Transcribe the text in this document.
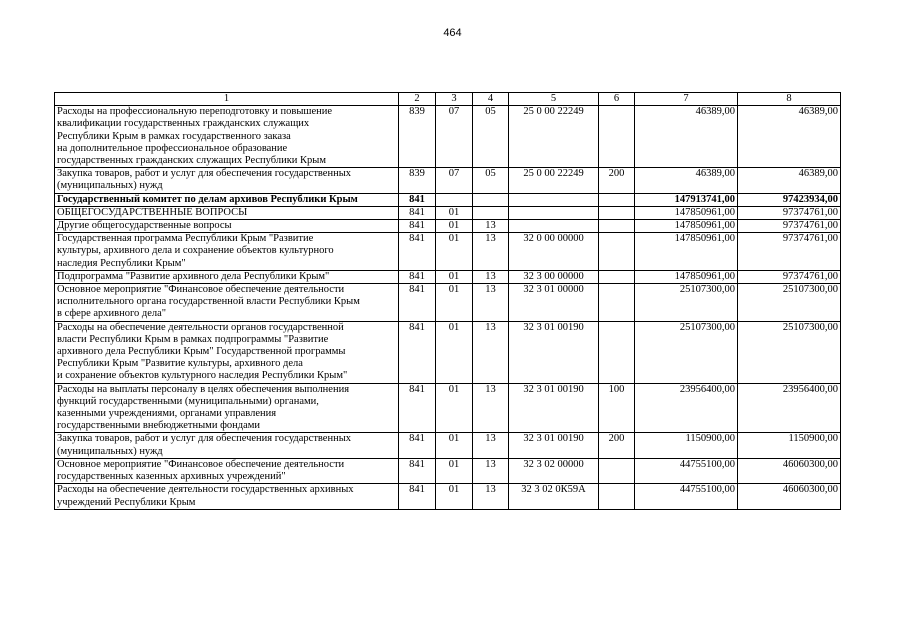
464
1	2	3	4	5	6	7	8
Расходы на профессиональную переподготовку и повышение
квалификации государственных гражданских служащих
Республики Крым в рамках государственного заказа
на дополнительное профессиональное образование
государственных гражданских служащих Республики Крым	839	07	05	25 0 00 22249		46389,00	46389,00
Закупка товаров, работ и услуг для обеспечения государственных
(муниципальных) нужд	839	07	05	25 0 00 22249	200	46389,00	46389,00
Государственный комитет по делам архивов Республики Крым	841					147913741,00	97423934,00
ОБЩЕГОСУДАРСТВЕННЫЕ ВОПРОСЫ	841	01				147850961,00	97374761,00
Другие общегосударственные вопросы	841	01	13			147850961,00	97374761,00
Государственная программа Республики Крым "Развитие
культуры, архивного дела и сохранение объектов культурного
наследия Республики Крым"	841	01	13	32 0 00 00000		147850961,00	97374761,00
Подпрограмма "Развитие архивного дела Республики Крым"	841	01	13	32 3 00 00000		147850961,00	97374761,00
Основное мероприятие "Финансовое обеспечение деятельности
исполнительного органа государственной власти Республики Крым
в сфере архивного дела"	841	01	13	32 3 01 00000		25107300,00	25107300,00
Расходы на обеспечение деятельности органов государственной
власти Республики Крым в рамках подпрограммы "Развитие
архивного дела Республики Крым" Государственной программы
Республики Крым "Развитие культуры, архивного дела
и сохранение объектов культурного наследия Республики Крым"	841	01	13	32 3 01 00190		25107300,00	25107300,00
Расходы на выплаты персоналу в целях обеспечения выполнения
функций государственными (муниципальными) органами,
казенными учреждениями, органами управления
государственными внебюджетными фондами	841	01	13	32 3 01 00190	100	23956400,00	23956400,00
Закупка товаров, работ и услуг для обеспечения государственных
(муниципальных) нужд	841	01	13	32 3 01 00190	200	1150900,00	1150900,00
Основное мероприятие "Финансовое обеспечение деятельности
государственных казенных архивных учреждений"	841	01	13	32 3 02 00000		44755100,00	46060300,00
Расходы на обеспечение деятельности государственных архивных
учреждений Республики Крым	841	01	13	32 3 02 0К59А		44755100,00	46060300,00
